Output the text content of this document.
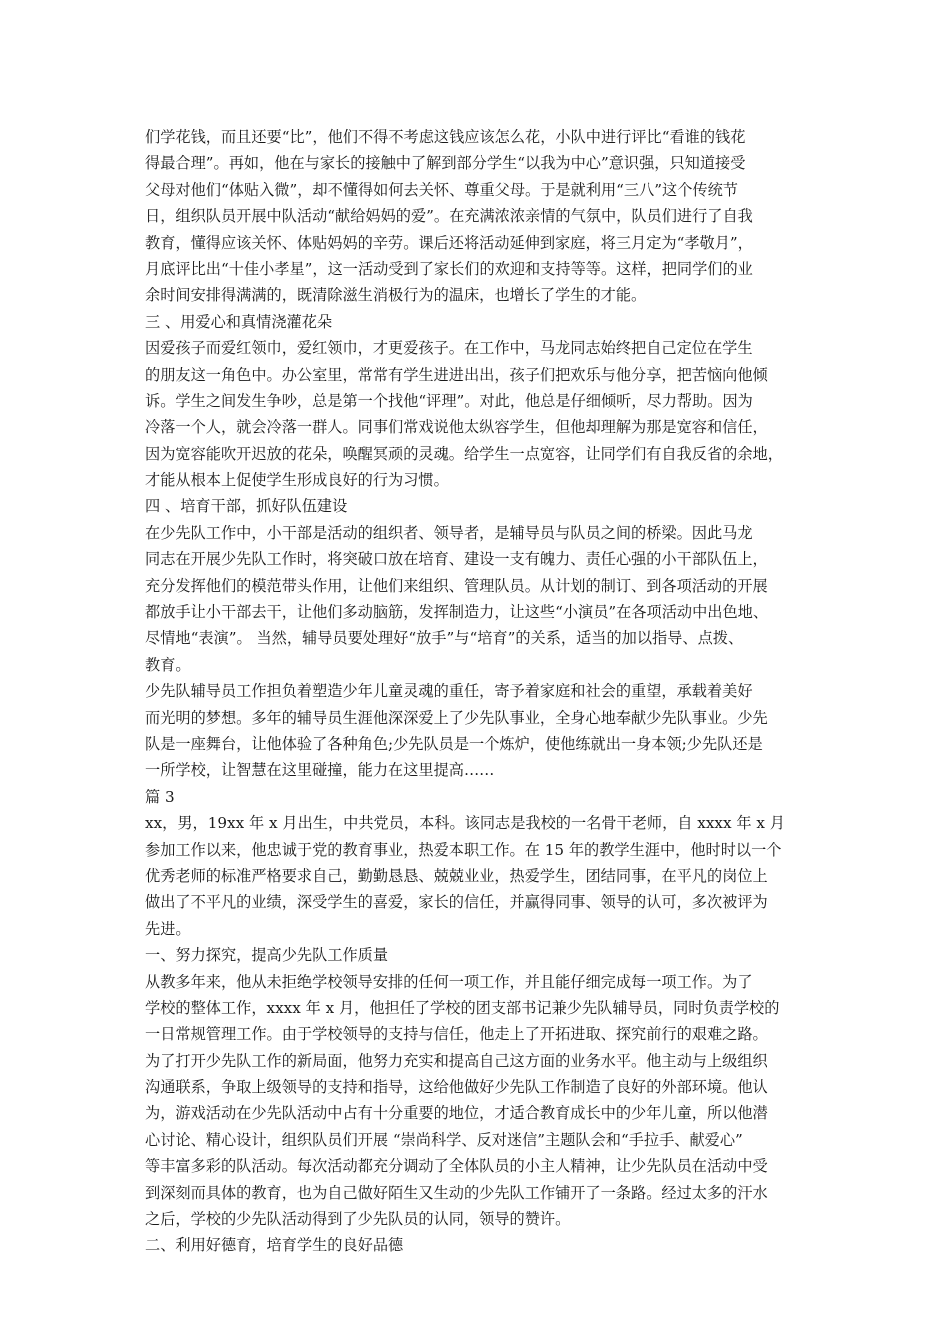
们学花钱，而且还要“比”，他们不得不考虑这钱应该怎么花，小队中进行评比“看谁的钱花
得最合理”。再如，他在与家长的接触中了解到部分学生“以我为中心”意识强，只知道接受
父母对他们“体贴入微”，却不懂得如何去关怀、尊重父母。于是就利用“三八”这个传统节
日，组织队员开展中队活动“献给妈妈的爱”。在充满浓浓亲情的气氛中，队员们进行了自我
教育，懂得应该关怀、体贴妈妈的辛劳。课后还将活动延伸到家庭，将三月定为“孝敬月”，
月底评比出“十佳小孝星”，这一活动受到了家长们的欢迎和支持等等。这样，把同学们的业
余时间安排得满满的，既清除滋生消极行为的温床，也增长了学生的才能。
三 、用爱心和真情浇灌花朵
因爱孩子而爱红领巾，爱红领巾，才更爱孩子。在工作中，马龙同志始终把自己定位在学生
的朋友这一角色中。办公室里，常常有学生进进出出，孩子们把欢乐与他分享，把苦恼向他倾
诉。学生之间发生争吵，总是第一个找他“评理”。对此，他总是仔细倾听，尽力帮助。因为
冷落一个人，就会冷落一群人。同事们常戏说他太纵容学生，但他却理解为那是宽容和信任，
因为宽容能吹开迟放的花朵，唤醒冥顽的灵魂。给学生一点宽容，让同学们有自我反省的余地，
才能从根本上促使学生形成良好的行为习惯。
四 、培育干部，抓好队伍建设
在少先队工作中，小干部是活动的组织者、领导者，是辅导员与队员之间的桥梁。因此马龙
同志在开展少先队工作时，将突破口放在培育、建设一支有魄力、责任心强的小干部队伍上，
充分发挥他们的模范带头作用，让他们来组织、管理队员。从计划的制订、到各项活动的开展
都放手让小干部去干，让他们多动脑筋，发挥制造力，让这些“小演员”在各项活动中出色地、
尽情地“表演”。 当然，辅导员要处理好“放手”与“培育”的关系，适当的加以指导、点拨、
教育。
少先队辅导员工作担负着塑造少年儿童灵魂的重任，寄予着家庭和社会的重望，承载着美好
而光明的梦想。多年的辅导员生涯他深深爱上了少先队事业，全身心地奉献少先队事业。少先
队是一座舞台，让他体验了各种角色;少先队员是一个炼炉，使他练就出一身本领;少先队还是
一所学校，让智慧在这里碰撞，能力在这里提高……
篇 3
xx，男，19xx 年 x 月出生，中共党员，本科。该同志是我校的一名骨干老师，自 xxxx 年 x 月
参加工作以来，他忠诚于党的教育事业，热爱本职工作。在 15 年的教学生涯中，他时时以一个
优秀老师的标准严格要求自己，勤勤恳恳、兢兢业业，热爱学生，团结同事，在平凡的岗位上
做出了不平凡的业绩，深受学生的喜爱，家长的信任，并赢得同事、领导的认可，多次被评为
先进。
一、努力探究，提高少先队工作质量
从教多年来，他从未拒绝学校领导安排的任何一项工作，并且能仔细完成每一项工作。为了
学校的整体工作，xxxx 年 x 月，他担任了学校的团支部书记兼少先队辅导员，同时负责学校的
一日常规管理工作。由于学校领导的支持与信任，他走上了开拓进取、探究前行的艰难之路。
为了打开少先队工作的新局面，他努力充实和提高自己这方面的业务水平。他主动与上级组织
沟通联系，争取上级领导的支持和指导，这给他做好少先队工作制造了良好的外部环境。他认
为，游戏活动在少先队活动中占有十分重要的地位，才适合教育成长中的少年儿童，所以他潜
心讨论、精心设计，组织队员们开展 “崇尚科学、反对迷信”主题队会和“手拉手、献爱心”
等丰富多彩的队活动。每次活动都充分调动了全体队员的小主人精神，让少先队员在活动中受
到深刻而具体的教育，也为自己做好陌生又生动的少先队工作铺开了一条路。经过太多的汗水
之后，学校的少先队活动得到了少先队员的认同，领导的赞许。
二、利用好德育，培育学生的良好品德
